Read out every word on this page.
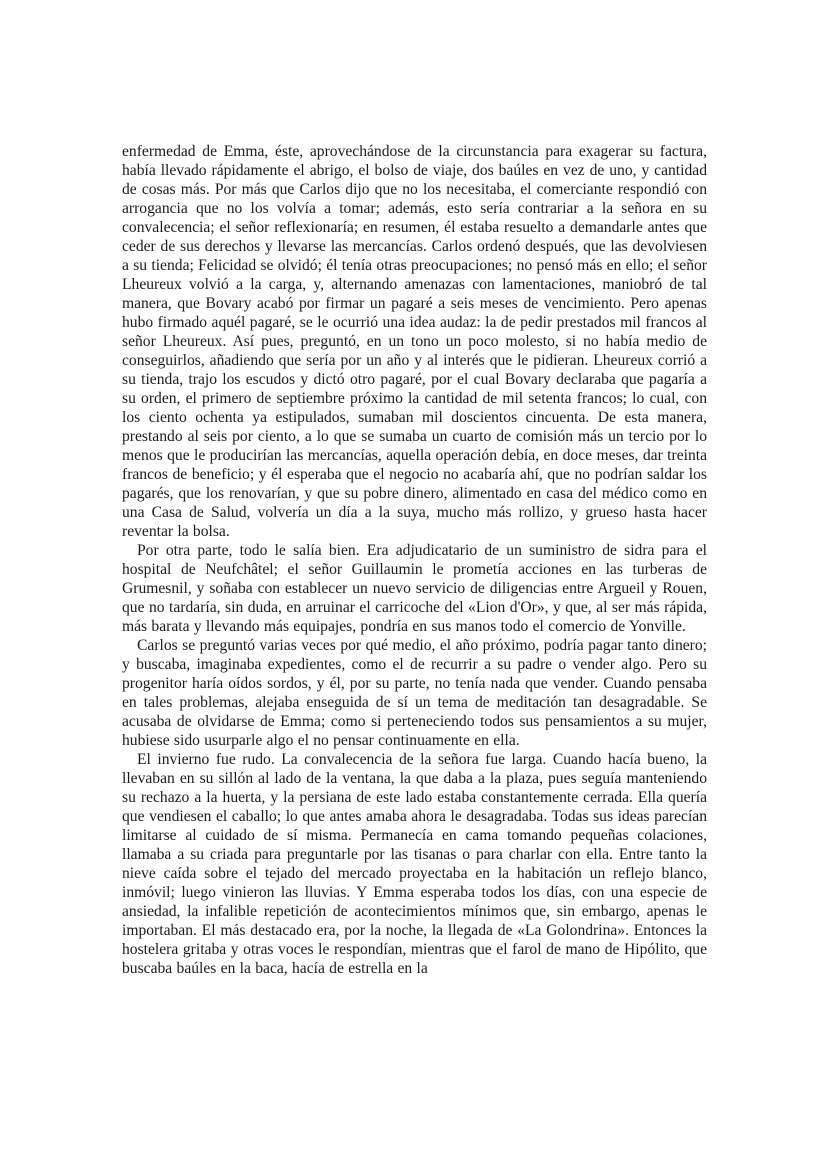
enfermedad de Emma, éste, aprovechándose de la circunstancia para exagerar su factura, había llevado rápidamente el abrigo, el bolso de viaje, dos baúles en vez de uno, y cantidad de cosas más. Por más que Carlos dijo que no los necesitaba, el comerciante respondió con arrogancia que no los volvía a tomar; además, esto sería contrariar a la señora en su convalecencia; el señor reflexionaría; en resumen, él estaba resuelto a demandarle antes que ceder de sus derechos y llevarse las mercancías. Carlos ordenó después, que las devolviesen a su tienda; Felicidad se olvidó; él tenía otras preocupaciones; no pensó más en ello; el señor Lheureux volvió a la carga, y, alternando amenazas con lamentaciones, maniobró de tal manera, que Bovary acabó por firmar un pagaré a seis meses de vencimiento. Pero apenas hubo firmado aquél pagaré, se le ocurrió una idea audaz: la de pedir prestados mil francos al señor Lheureux. Así pues, preguntó, en un tono un poco molesto, si no había medio de conseguirlos, añadiendo que sería por un año y al interés que le pidieran. Lheureux corrió a su tienda, trajo los escudos y dictó otro pagaré, por el cual Bovary declaraba que pagaría a su orden, el primero de septiembre próximo la cantidad de mil setenta francos; lo cual, con los ciento ochenta ya estipulados, sumaban mil doscientos cincuenta. De esta manera, prestando al seis por ciento, a lo que se sumaba un cuarto de comisión más un tercio por lo menos que le producirían las mercancías, aquella operación debía, en doce meses, dar treinta francos de beneficio; y él esperaba que el negocio no acabaría ahí, que no podrían saldar los pagarés, que los renovarían, y que su pobre dinero, alimentado en casa del médico como en una Casa de Salud, volvería un día a la suya, mucho más rollizo, y grueso hasta hacer reventar la bolsa.

Por otra parte, todo le salía bien. Era adjudicatario de un suministro de sidra para el hospital de Neufchâtel; el señor Guillaumin le prometía acciones en las turberas de Grumesnil, y soñaba con establecer un nuevo servicio de diligencias entre Argueil y Rouen, que no tardaría, sin duda, en arruinar el carricoche del «Lion d'Or», y que, al ser más rápida, más barata y llevando más equipajes, pondría en sus manos todo el comercio de Yonville.

Carlos se preguntó varias veces por qué medio, el año próximo, podría pagar tanto dinero; y buscaba, imaginaba expedientes, como el de recurrir a su padre o vender algo. Pero su progenitor haría oídos sordos, y él, por su parte, no tenía nada que vender. Cuando pensaba en tales problemas, alejaba enseguida de sí un tema de meditación tan desagradable. Se acusaba de olvidarse de Emma; como si perteneciendo todos sus pensamientos a su mujer, hubiese sido usurparle algo el no pensar continuamente en ella.

El invierno fue rudo. La convalecencia de la señora fue larga. Cuando hacía bueno, la llevaban en su sillón al lado de la ventana, la que daba a la plaza, pues seguía manteniendo su rechazo a la huerta, y la persiana de este lado estaba constantemente cerrada. Ella quería que vendiesen el caballo; lo que antes amaba ahora le desagradaba. Todas sus ideas parecían limitarse al cuidado de sí misma. Permanecía en cama tomando pequeñas colaciones, llamaba a su criada para preguntarle por las tisanas o para charlar con ella. Entre tanto la nieve caída sobre el tejado del mercado proyectaba en la habitación un reflejo blanco, inmóvil; luego vinieron las lluvias. Y Emma esperaba todos los días, con una especie de ansiedad, la infalible repetición de acontecimientos mínimos que, sin embargo, apenas le importaban. El más destacado era, por la noche, la llegada de «La Golondrina». Entonces la hostelera gritaba y otras voces le respondían, mientras que el farol de mano de Hipólito, que buscaba baúles en la baca, hacía de estrella en la
